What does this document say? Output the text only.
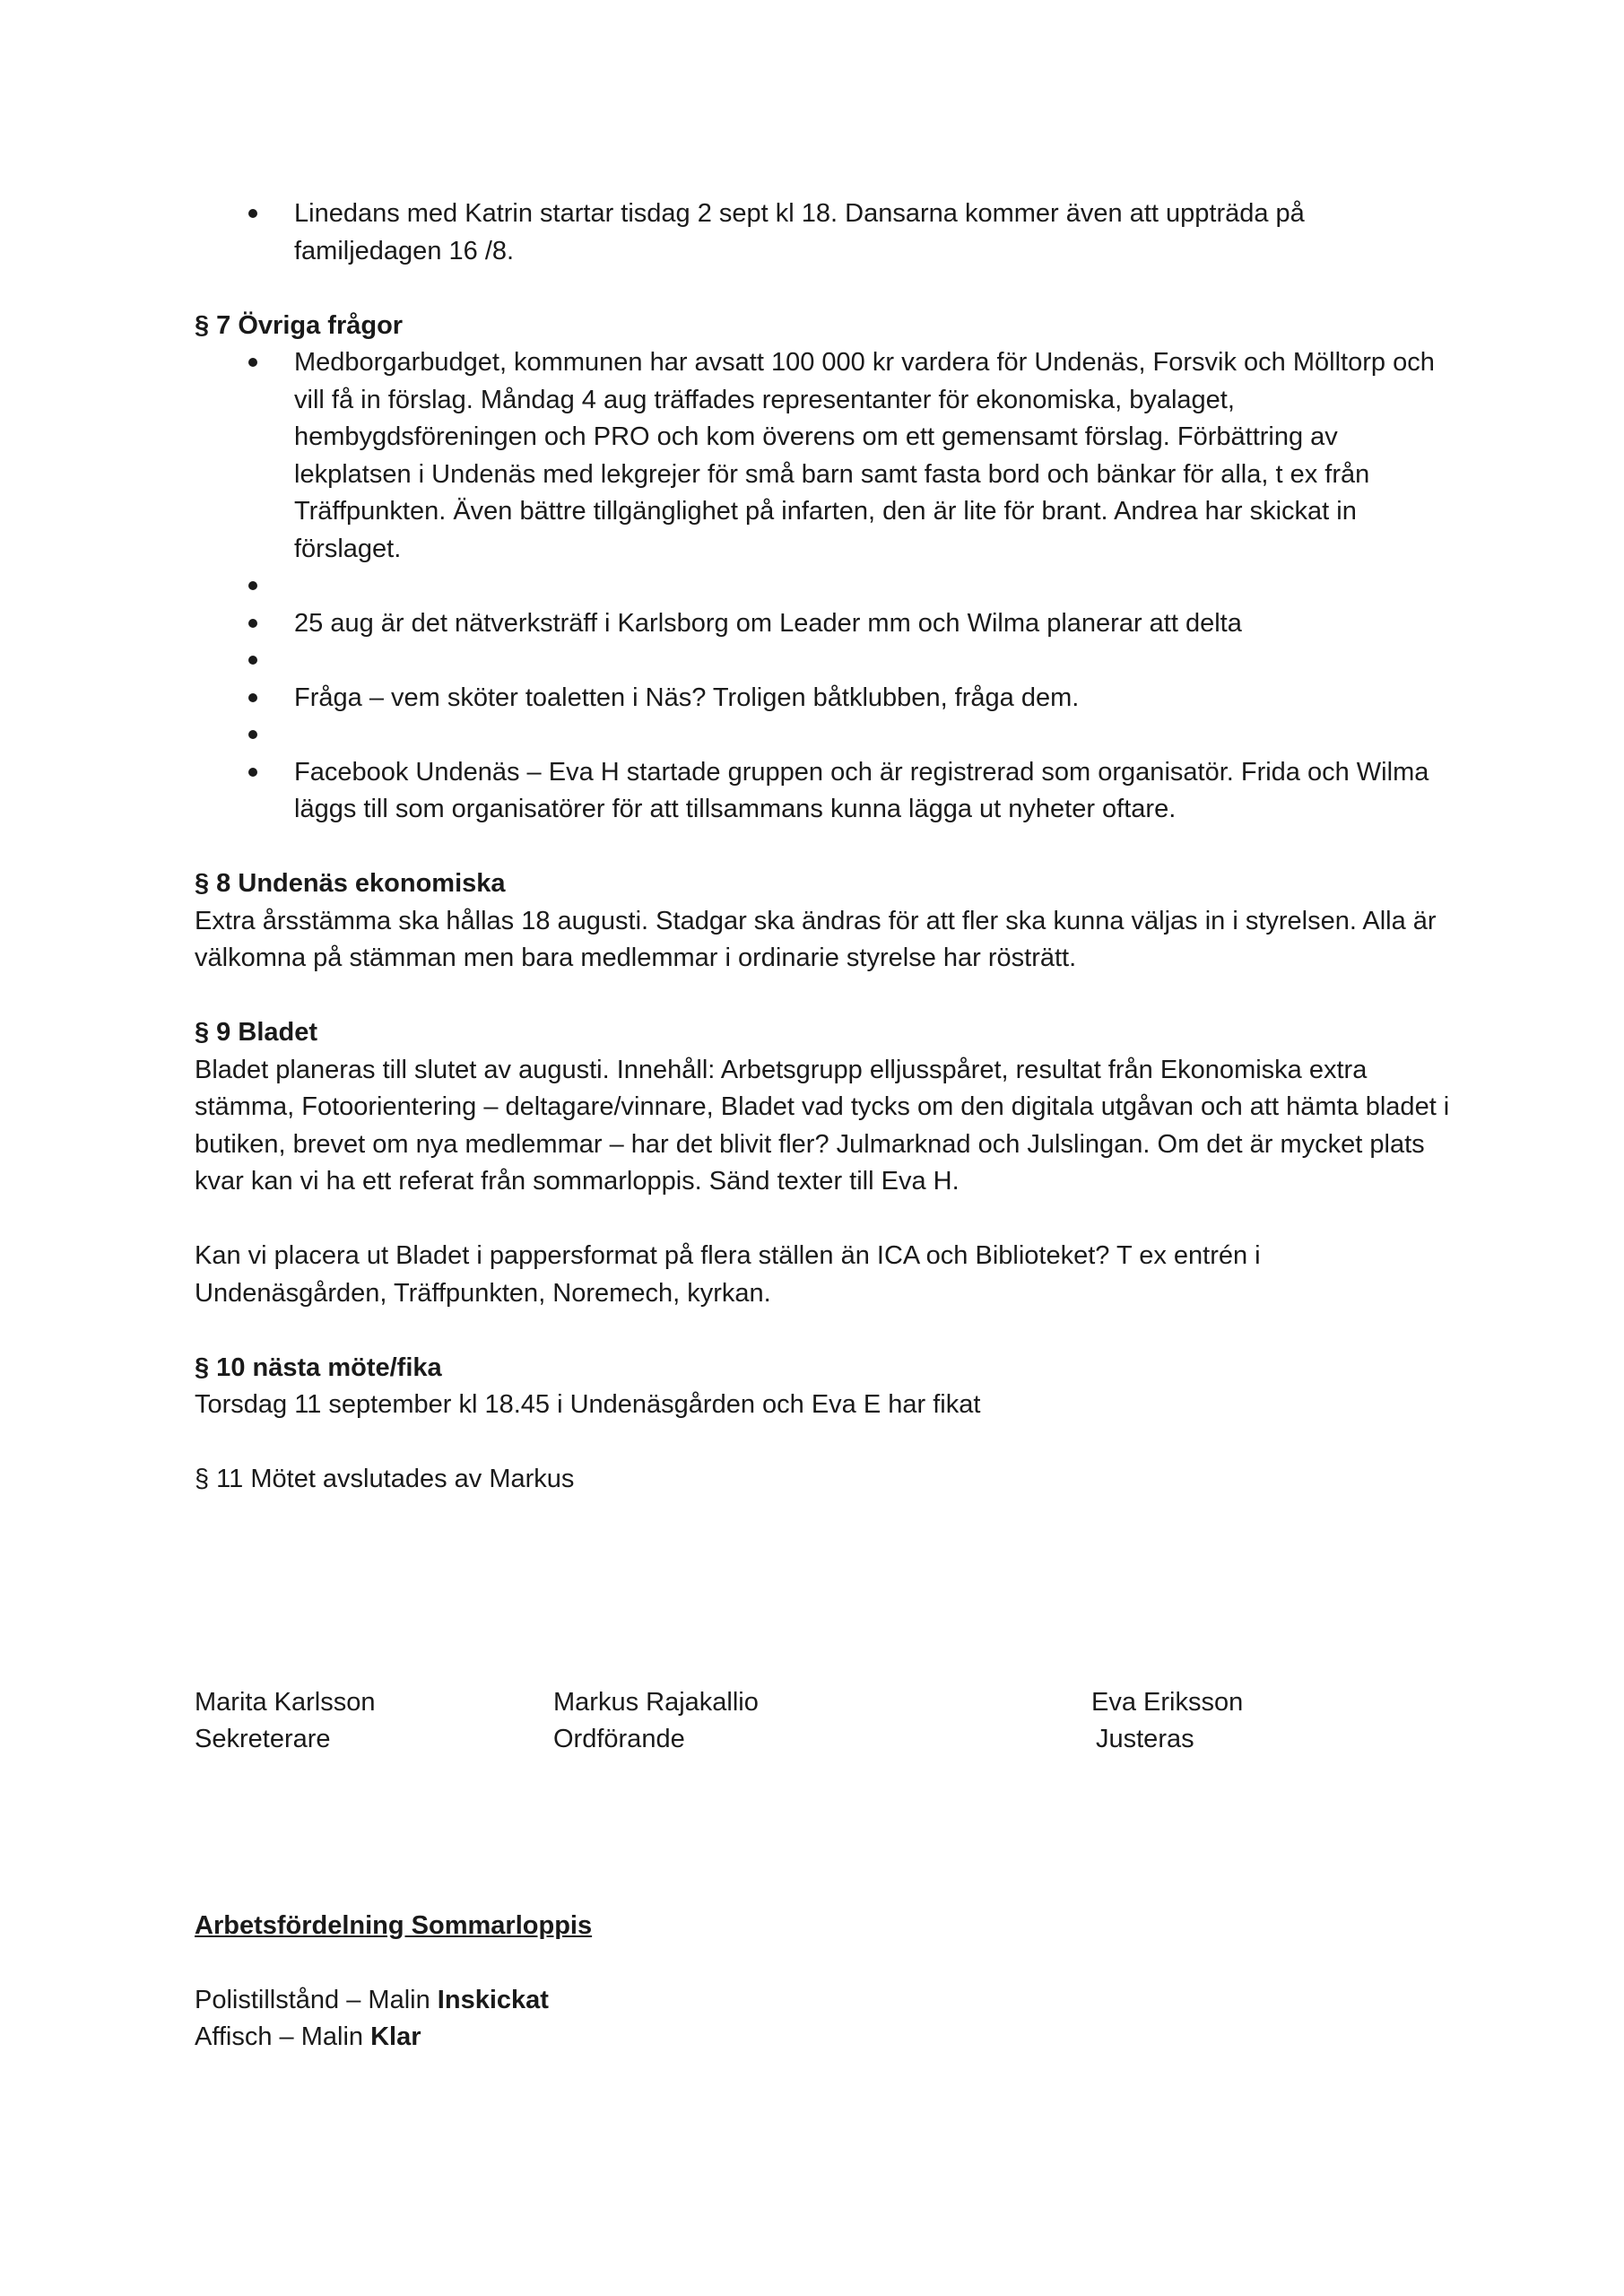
Linedans med Katrin startar tisdag 2 sept kl 18. Dansarna kommer även att uppträda på familjedagen 16 /8.

§ 7 Övriga frågor

Medborgarbudget, kommunen har avsatt 100 000 kr vardera för Undenäs, Forsvik och Mölltorp och vill få in förslag. Måndag 4 aug träffades representanter för ekonomiska, byalaget, hembygdsföreningen och PRO och kom överens om ett gemensamt förslag. Förbättring av lekplatsen i Undenäs med lekgrejer för små barn samt fasta bord och bänkar för alla, t ex från Träffpunkten. Även bättre tillgänglighet på infarten, den är lite för brant. Andrea har skickat in förslaget.
25 aug är det nätverksträff i Karlsborg om Leader mm och Wilma planerar att delta
Fråga – vem sköter toaletten i Näs? Troligen båtklubben, fråga dem.
Facebook Undenäs – Eva H startade gruppen och är registrerad som organisatör. Frida och Wilma läggs till som organisatörer för att tillsammans kunna lägga ut nyheter oftare.

§ 8 Undenäs ekonomiska

Extra årsstämma ska hållas 18 augusti. Stadgar ska ändras för att fler ska kunna väljas in i styrelsen. Alla är välkomna på stämman men bara medlemmar i ordinarie styrelse har rösträtt.

§ 9 Bladet

Bladet planeras till slutet av augusti. Innehåll: Arbetsgrupp elljusspåret, resultat från Ekonomiska extra stämma, Fotoorientering – deltagare/vinnare, Bladet vad tycks om den digitala utgåvan och att hämta bladet i butiken, brevet om nya medlemmar – har det blivit fler? Julmarknad och Julslingan. Om det är mycket plats kvar kan vi ha ett referat från sommarloppis. Sänd texter till Eva H.

Kan vi placera ut Bladet i pappersformat på flera ställen än ICA och Biblioteket? T ex entrén i Undenäsgården, Träffpunkten, Noremech, kyrkan.

§ 10 nästa möte/fika

Torsdag 11 september kl 18.45 i Undenäsgården och Eva E har fikat

§ 11 Mötet avslutades av Markus

Marita Karlsson
Sekreterare
Markus Rajakallio
Ordförande
Eva Eriksson
Justeras

Arbetsfördelning Sommarloppis

Polistillstånd – Malin Inskickat

Affisch – Malin Klar
